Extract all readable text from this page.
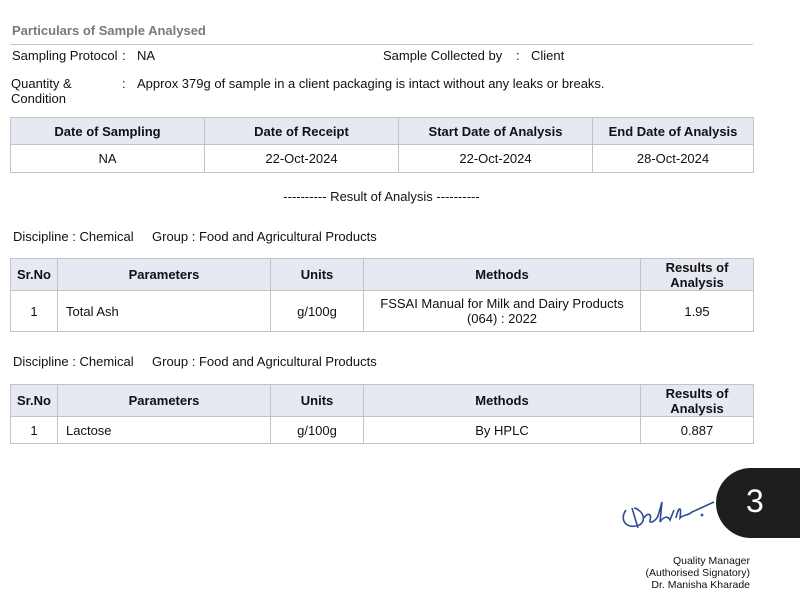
Particulars of Sample Analysed
Sampling Protocol : NA	Sample Collected by : Client
Quantity &
Condition
: Approx 379g of sample in a client packaging is intact without any leaks or breaks.
Date of Sampling	Date of Receipt	Start Date of Analysis	End Date of Analysis
NA	22-Oct-2024	22-Oct-2024	28-Oct-2024
---------- Result of Analysis ----------
Discipline : Chemical Group : Food and Agricultural Products
Sr.No	Parameters	Units	Methods	Results of
Analysis

1	Total Ash	g/100g	FSSAI Manual for Milk and Dairy Products
(064) : 2022	1.95
Discipline : Chemical Group : Food and Agricultural Products
Sr.No	Parameters	Units	Methods	Results of
Analysis

1	Lactose	g/100g	By HPLC	0.887
3
Quality Manager
(Authorised Signatory)
Dr. Manisha Kharade
